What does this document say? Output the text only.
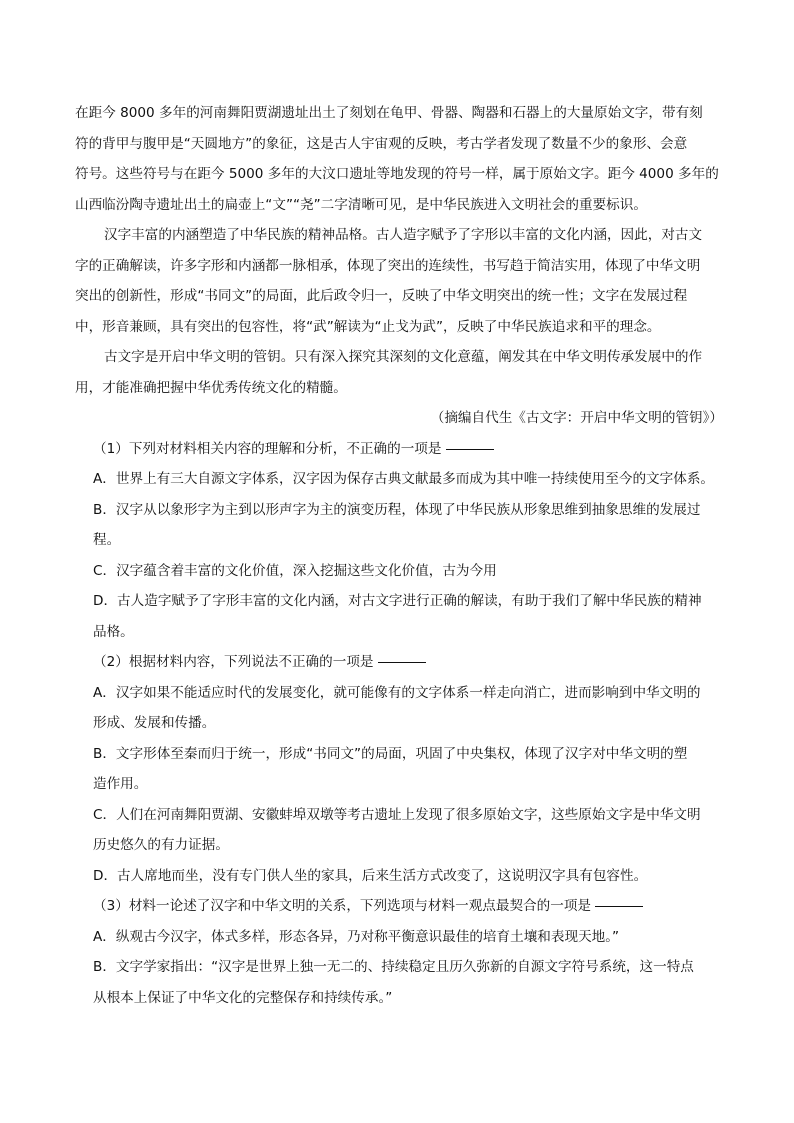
在距今 8000 多年的河南舞阳贾湖遗址出土了刻划在龟甲、骨器、陶器和石器上的大量原始文字，带有刻
符的背甲与腹甲是“天圆地方”的象征，这是古人宇宙观的反映，考古学者发现了数量不少的象形、会意
符号。这些符号与在距今 5000 多年的大汶口遗址等地发现的符号一样，属于原始文字。距今 4000 多年的
山西临汾陶寺遗址出土的扁壶上“文”“尧”二字清晰可见，是中华民族进入文明社会的重要标识。
汉字丰富的内涵塑造了中华民族的精神品格。古人造字赋予了字形以丰富的文化内涵，因此，对古文
字的正确解读，许多字形和内涵都一脉相承，体现了突出的连续性，书写趋于简洁实用，体现了中华文明
突出的创新性，形成“书同文”的局面，此后政令归一，反映了中华文明突出的统一性；文字在发展过程
中，形音兼顾，具有突出的包容性，将“武”解读为“止戈为武”，反映了中华民族追求和平的理念。
古文字是开启中华文明的管钥。只有深入探究其深刻的文化意蕴，阐发其在中华文明传承发展中的作
用，才能准确把握中华优秀传统文化的精髓。
（摘编自代生《古文字：开启中华文明的管钥》）
（1）下列对材料相关内容的理解和分析，不正确的一项是
A．世界上有三大自源文字体系，汉字因为保存古典文献最多而成为其中唯一持续使用至今的文字体系。
B．汉字从以象形字为主到以形声字为主的演变历程，体现了中华民族从形象思维到抽象思维的发展过
程。
C．汉字蕴含着丰富的文化价值，深入挖掘这些文化价值，古为今用
D．古人造字赋予了字形丰富的文化内涵，对古文字进行正确的解读，有助于我们了解中华民族的精神
品格。
（2）根据材料内容，下列说法不正确的一项是
A．汉字如果不能适应时代的发展变化，就可能像有的文字体系一样走向消亡，进而影响到中华文明的
形成、发展和传播。
B．文字形体至秦而归于统一，形成“书同文”的局面，巩固了中央集权，体现了汉字对中华文明的塑
造作用。
C．人们在河南舞阳贾湖、安徽蚌埠双墩等考古遗址上发现了很多原始文字，这些原始文字是中华文明
历史悠久的有力证据。
D．古人席地而坐，没有专门供人坐的家具，后来生活方式改变了，这说明汉字具有包容性。
（3）材料一论述了汉字和中华文明的关系，下列选项与材料一观点最契合的一项是
A．纵观古今汉字，体式多样，形态各异，乃对称平衡意识最佳的培育土壤和表现天地。”
B．文字学家指出：“汉字是世界上独一无二的、持续稳定且历久弥新的自源文字符号系统，这一特点
从根本上保证了中华文化的完整保存和持续传承。”
